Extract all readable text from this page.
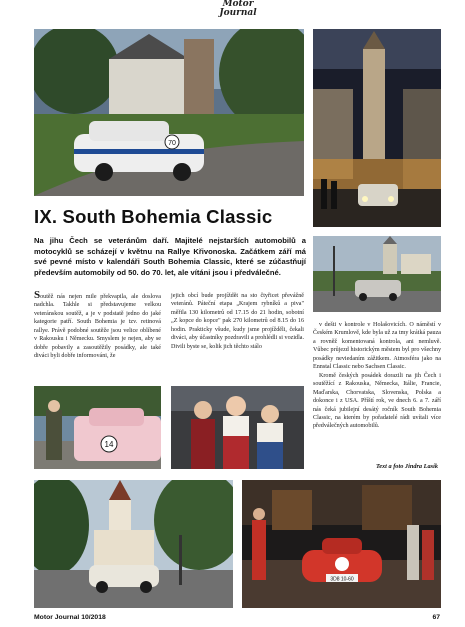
Motor
Journal
70
IX. South Bohemia Classic

Na jihu Čech se veteránům daří. Majitelé nejstarších automobilů a motocyklů se scházejí v květnu na Rallye Křivonoska. Začátkem září má své pevné místo v kalendáři South Bohemia Classic, které se zúčastňují především automobily od 50. do 70. let, ale vítáni jsou i předválečné.

Soutěž nás nejen mile překvapila, ale doslova nadchla. Takhle si představujeme velkou veteránskou soutěž, a je v podstatě jedno do jaké kategorie patří. South Bohemia je tzv. retinová rallye. Právě podobné soutěže jsou velice oblíbené v Rakousku i Německu. Smyslem je nejen, aby se dobře pobavily a zasoutěžily posádky, ale také diváci byli dobře informováni, že

jejich obcí bude projíždět na sto čtyřicet převážně veteránů. Páteční etapa „Krajem rybníků a piva" měřila 130 kilometrů od 17.15 do 21 hodin, sobotní „Z kopce do kopce" pak 270 kilometrů od 8.15 do 16 hodin. Prakticky všude, kudy jsme projížděli, čekali diváci, aby účastníky pozdravili a prohlédli si vozidla. Divili byste se, kolik jich těchto stálo

v dešti v kontrole v Holašovicích. O náměstí v Českém Krumlově, kde byla už za tmy krátká pauza a rovněž komentovaná kontrola, ani nemluvě. Vůbec průjezd historickým městem byl pro všechny posádky neviedaním zážitkem. Atmosféra jako na Ennstal Classic nebo Sachsen Classic.

Kromě českých posádek dorazili na jih Čech i soutěžící z Rakouska, Německa, Itálie, Francie, Maďarska, Chorvatska, Slovenska, Polska a dokonce i z USA. Příští rok, ve dnech 6. a 7. září nás čeká jubilejní desátý ročník South Bohemia Classic, na kterém by pořadatelé rádi uvítali více předválečných automobilů.

Text a foto Jindra Lasík
14
3D8 10-60
Motor Journal 10/2018	67
